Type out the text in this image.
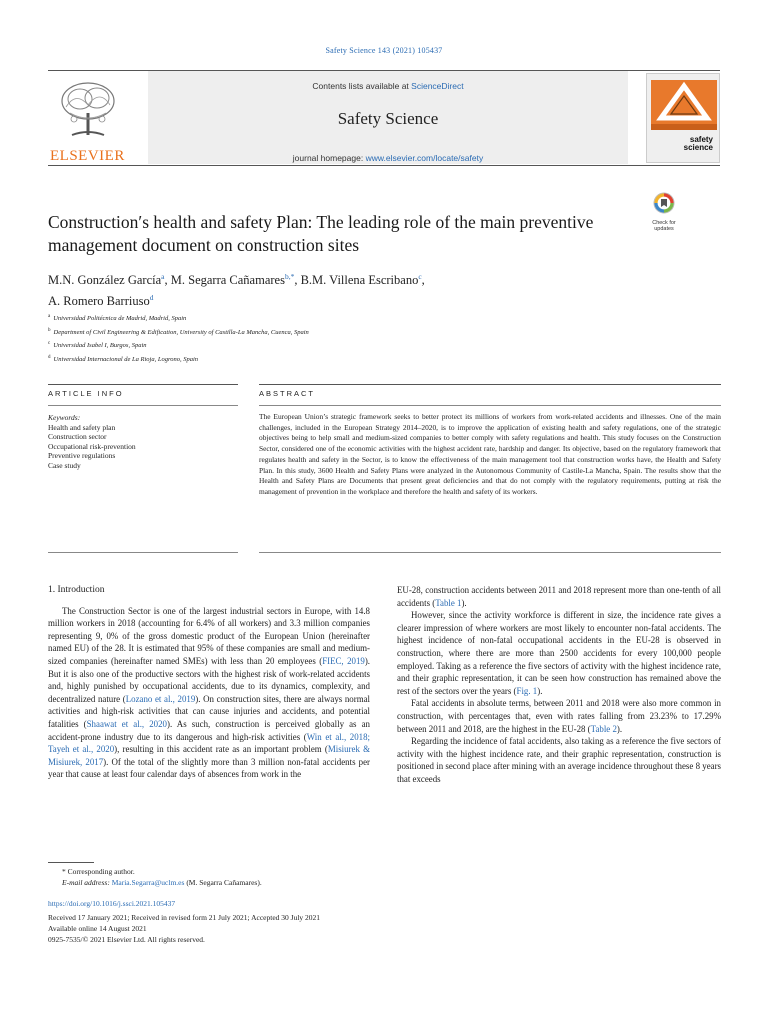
Safety Science 143 (2021) 105437
ELSEVIER
Contents lists available at ScienceDirect
Safety Science
journal homepage: www.elsevier.com/locate/safety
safety
science
Check for
updates
Construction′s health and safety Plan: The leading role of the main preventive management document on construction sites
M.N. González García$^a$, M. Segarra Cañamares$^{b,*}$, B.M. Villena Escribano$^c$,
A. Romero Barriuso$^d$
$^a$ Universidad Politécnica de Madrid, Madrid, Spain
$^b$ Department of Civil Engineering & Edification, University of Castilla-La Mancha, Cuenca, Spain
$^c$ Universidad Isabel I, Burgos, Spain
$^d$ Universidad Internacional de La Rioja, Logrono, Spain
ARTICLE INFO	ABSTRACT
Keywords:
Health and safety plan
Construction sector
Occupational risk-prevention
Preventive regulations
Case study
The European Union’s strategic framework seeks to better protect its millions of workers from work-related accidents and illnesses. One of the main challenges, included in the European Strategy 2014–2020, is to improve the application of existing health and safety regulations, one of the strategic objectives being to help small and medium-sized companies to better comply with safety regulations and health. This study focuses on the Construction Sector, considered one of the economic activities with the highest accident rate, hardship and danger. Its objective, based on the regulatory framework that regulates health and safety in the Sector, is to know the effectiveness of the main management tool that construction works have, the Health and Safety Plan. In this study, 3600 Health and Safety Plans were analyzed in the Autonomous Community of Castile-La Mancha, Spain. The results show that the Health and Safety Plans are Documents that present great deficiencies and that do not comply with the regulatory requirements, putting at risk the management of prevention in the workplace and therefore the health and safety of its workers.
1. Introduction

The Construction Sector is one of the largest industrial sectors in Europe, with 14.8 million workers in 2018 (accounting for 6.4% of all workers) and 3.3 million companies representing 9, 0% of the gross domestic product of the European Union (hereinafter named EU) of the 28. It is estimated that 95% of these companies are small and medium-sized companies (hereinafter named SMEs) with less than 20 employees (FIEC, 2019). But it is also one of the productive sectors with the highest risk of work-related accidents and, highly punished by occupational accidents, due to its dynamics, complexity, and decentralized nature (Lozano et al., 2019). On construction sites, there are always normal activities and high-risk activities that can cause injuries and accidents, and potential fatalities (Shaawat et al., 2020). As such, construction is perceived globally as an accident-prone industry due to its dangerous and high-risk activities (Win et al., 2018; Tayeh et al., 2020), resulting in this accident rate as an important problem (Misiurek & Misiurek, 2017). Of the total of the slightly more than 3 million non-fatal accidents per year that cause at least four calendar days of absences from work in the

EU-28, construction accidents between 2011 and 2018 represent more than one-tenth of all accidents (Table 1).

However, since the activity workforce is different in size, the incidence rate gives a clearer impression of where workers are most likely to encounter non-fatal accidents. The highest incidence of non-fatal occupational accidents in the EU-28 is observed in construction, where there are more than 2500 accidents for every 100,000 people employed. Taking as a reference the five sectors of activity with the highest incidence rate, and their graphic representation, it can be seen how construction has remained above the rest of the sectors over the years (Fig. 1).

Fatal accidents in absolute terms, between 2011 and 2018 were also more common in construction, with percentages that, even with rates falling from 23.23% to 17.29% between 2011 and 2018, are the highest in the EU-28 (Table 2).

Regarding the incidence of fatal accidents, also taking as a reference the five sectors of activity with the highest incidence rate, and their graphic representation, construction is positioned in second place after mining with an average incidence throughout these 8 years that exceeds

* Corresponding author.
E-mail address: Maria.Segarra@uclm.es (M. Segarra Cañamares).
https://doi.org/10.1016/j.ssci.2021.105437
Received 17 January 2021; Received in revised form 21 July 2021; Accepted 30 July 2021
Available online 14 August 2021
0925-7535/© 2021 Elsevier Ltd. All rights reserved.
